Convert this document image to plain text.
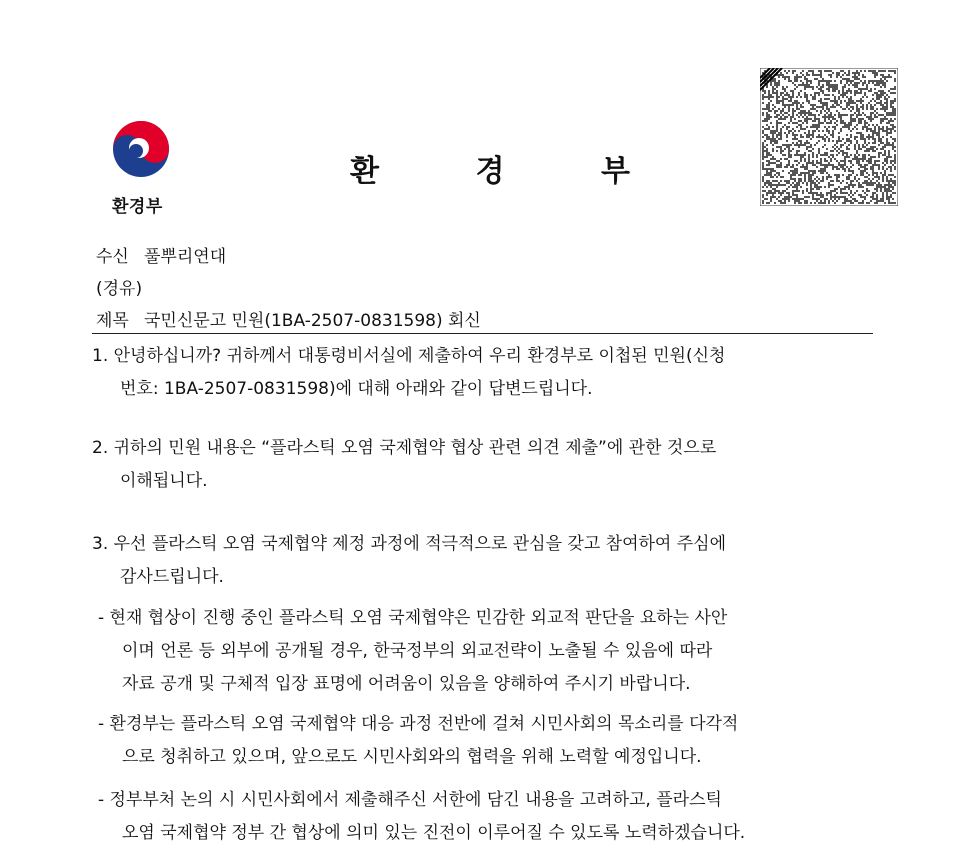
환경부
환	경	부
수신 풀뿌리연대
(경유)
제목 국민신문고 민원(1BA-2507-0831598) 회신
1. 안녕하십니까? 귀하께서 대통령비서실에 제출하여 우리 환경부로 이첩된 민원(신청
번호: 1BA-2507-0831598)에 대해 아래와 같이 답변드립니다.
2. 귀하의 민원 내용은 “플라스틱 오염 국제협약 협상 관련 의견 제출”에 관한 것으로
이해됩니다.
3. 우선 플라스틱 오염 국제협약 제정 과정에 적극적으로 관심을 갖고 참여하여 주심에
감사드립니다.
- 현재 협상이 진행 중인 플라스틱 오염 국제협약은 민감한 외교적 판단을 요하는 사안
이며 언론 등 외부에 공개될 경우, 한국정부의 외교전략이 노출될 수 있음에 따라
자료 공개 및 구체적 입장 표명에 어려움이 있음을 양해하여 주시기 바랍니다.
- 환경부는 플라스틱 오염 국제협약 대응 과정 전반에 걸쳐 시민사회의 목소리를 다각적
으로 청취하고 있으며, 앞으로도 시민사회와의 협력을 위해 노력할 예정입니다.
- 정부부처 논의 시 시민사회에서 제출해주신 서한에 담긴 내용을 고려하고, 플라스틱
오염 국제협약 정부 간 협상에 의미 있는 진전이 이루어질 수 있도록 노력하겠습니다.
